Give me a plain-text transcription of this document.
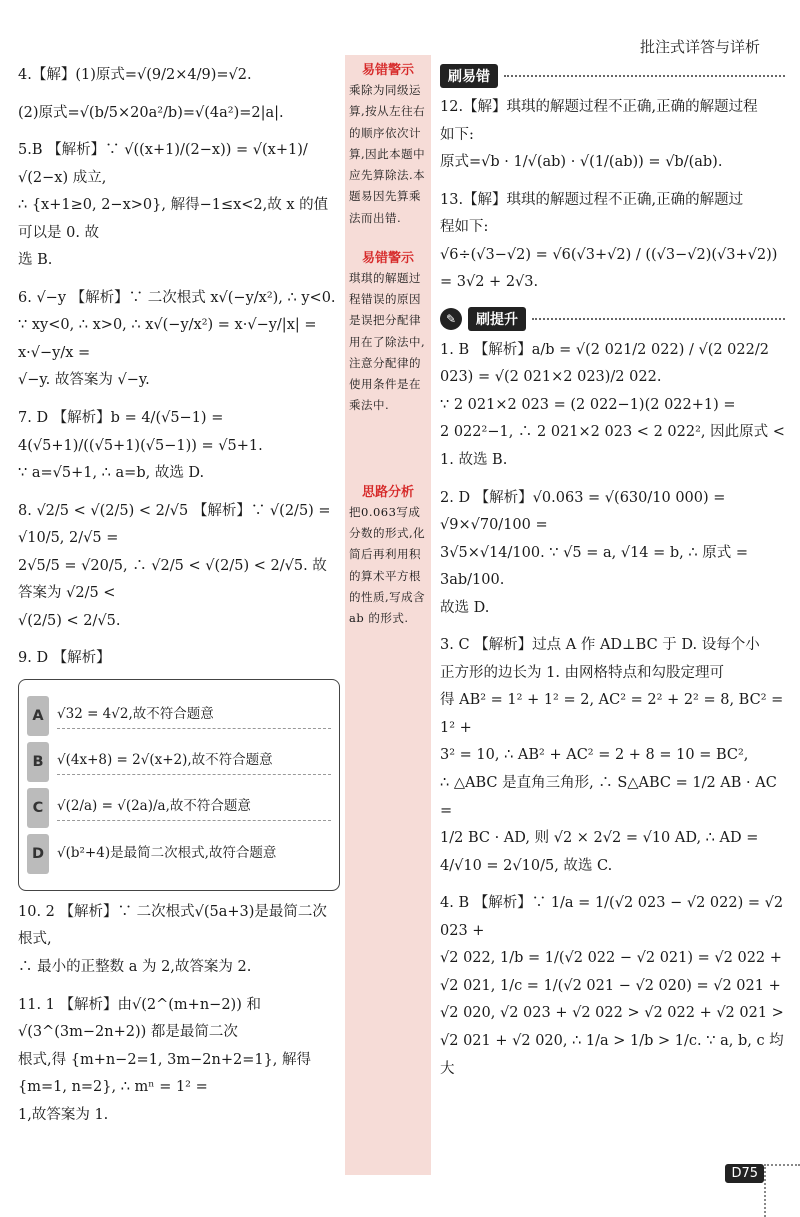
批注式详答与详析

4.【解】(1)原式=√(9/2×4/9)=√2.

(2)原式=√(b/5×20a²/b)=√(4a²)=2|a|.

5.B 【解析】∵ √((x+1)/(2−x)) = √(x+1)/√(2−x) 成立,

∴ {x+1≥0, 2−x>0}, 解得−1≤x<2,故 x 的值可以是 0. 故

选 B.

6. √−y 【解析】∵ 二次根式 x√(−y/x²), ∴ y<0.

∵ xy<0, ∴ x>0, ∴ x√(−y/x²) = x·√−y/|x| = x·√−y/x =

√−y. 故答案为 √−y.

7. D 【解析】b = 4/(√5−1) = 4(√5+1)/((√5+1)(√5−1)) = √5+1.

∵ a=√5+1, ∴ a=b, 故选 D.

8. √2/5 < √(2/5) < 2/√5 【解析】∵ √(2/5) = √10/5, 2/√5 =

2√5/5 = √20/5, ∴ √2/5 < √(2/5) < 2/√5. 故答案为 √2/5 <

√(2/5) < 2/√5.

9. D 【解析】

A √32 = 4√2,故不符合题意
B √(4x+8) = 2√(x+2),故不符合题意
C	√(2/a) = √(2a)/a,故不符合题意
D √(b²+4)是最简二次根式,故符合题意

10. 2 【解析】∵ 二次根式√(5a+3)是最简二次根式,

∴ 最小的正整数 a 为 2,故答案为 2.

11. 1 【解析】由√(2^(m+n−2)) 和 √(3^(3m−2n+2)) 都是最简二次

根式,得 {m+n−2=1, 3m−2n+2=1}, 解得 {m=1, n=2}, ∴ mⁿ = 1² =

1,故答案为 1.

易错警示
乘除为同级运算,按从左往右的顺序依次计算,因此本题中应先算除法.本题易因先算乘法而出错.
易错警示
琪琪的解题过程错误的原因是误把分配律用在了除法中,注意分配律的使用条件是在乘法中.
思路分析
把0.063写成分数的形式,化简后再利用积的算术平方根的性质,写成含 ab 的形式.
刷易错

12.【解】琪琪的解题过程不正确,正确的解题过程

如下:

原式=√b · 1/√(ab) · √(1/(ab)) = √b/(ab).

13.【解】琪琪的解题过程不正确,正确的解题过

程如下:

√6÷(√3−√2) = √6(√3+√2) / ((√3−√2)(√3+√2))

= 3√2 + 2√3.

✎	刷提升

1. B 【解析】a/b = √(2 021/2 022) / √(2 022/2 023) = √(2 021×2 023)/2 022.

∵ 2 021×2 023 = (2 022−1)(2 022+1) =

2 022²−1, ∴ 2 021×2 023 < 2 022², 因此原式 <

1. 故选 B.

2. D 【解析】√0.063 = √(630/10 000) = √9×√70/100 =

3√5×√14/100. ∵ √5 = a, √14 = b, ∴ 原式 = 3ab/100.

故选 D.

3. C 【解析】过点 A 作 AD⊥BC 于 D. 设每个小

正方形的边长为 1. 由网格特点和勾股定理可

得 AB² = 1² + 1² = 2, AC² = 2² + 2² = 8, BC² = 1² +

3² = 10, ∴ AB² + AC² = 2 + 8 = 10 = BC²,

∴ △ABC 是直角三角形, ∴ S△ABC = 1/2 AB · AC =

1/2 BC · AD, 则 √2 × 2√2 = √10 AD, ∴ AD =

4/√10 = 2√10/5, 故选 C.

4. B 【解析】∵ 1/a = 1/(√2 023 − √2 022) = √2 023 +

√2 022, 1/b = 1/(√2 022 − √2 021) = √2 022 +

√2 021, 1/c = 1/(√2 021 − √2 020) = √2 021 +

√2 020, √2 023 + √2 022 > √2 022 + √2 021 >

√2 021 + √2 020, ∴ 1/a > 1/b > 1/c. ∵ a, b, c 均大

D75
